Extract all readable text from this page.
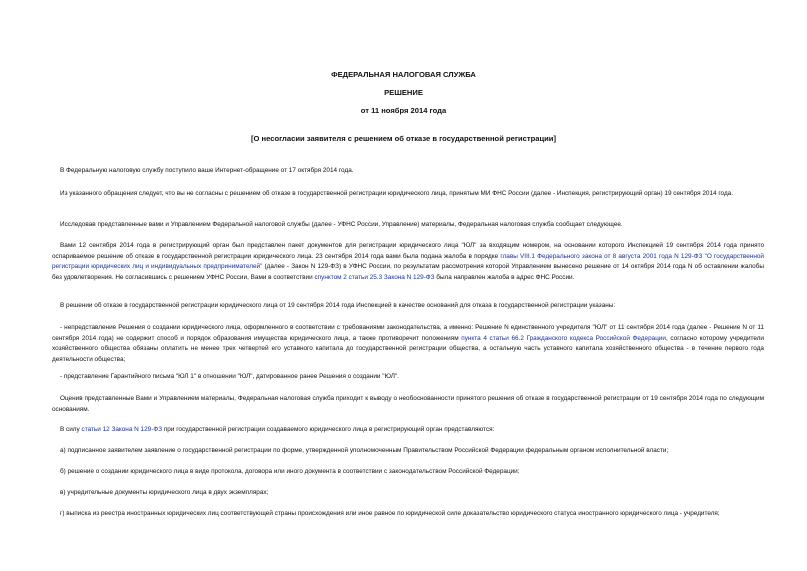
ФЕДЕРАЛЬНАЯ НАЛОГОВАЯ СЛУЖБА
РЕШЕНИЕ
от 11 ноября 2014 года
[О несогласии заявителя с решением об отказе в государственной регистрации]
В Федеральную налоговую службу поступило ваше Интернет-обращение от 17 октября 2014 года.
Из указанного обращения следует, что вы не согласны с решением об отказе в государственной регистрации юридического лица, принятым МИ ФНС России (далее - Инспекция, регистрирующий орган) 19 сентября 2014 года.
Исследовав представленные вами и Управлением Федеральной налоговой службы (далее - УФНС России, Управление) материалы, Федеральная налоговая служба сообщает следующее.
Вами 12 сентября 2014 года в регистрирующий орган был представлен пакет документов для регистрации юридического лица "ЮЛ" за входящим номером, на основании которого Инспекцией 19 сентября 2014 года принято оспариваемое решение об отказе в государственной регистрации юридического лица. 23 сентября 2014 года вами была подана жалоба в порядке главы VIII.1 Федерального закона от 8 августа 2001 года N 129-ФЗ "О государственной регистрации юридических лиц и индивидуальных предпринимателей" (далее - Закон N 129-ФЗ) в УФНС России, по результатам рассмотрения которой Управлением вынесено решение от 14 октября 2014 года N об оставлении жалобы без удовлетворения. Не согласившись с решением УФНС России, Вами в соответствии спунктом 2 статьи 25.3 Закона N 129-ФЗ была направлен жалоба в адрес ФНС России.
В решении об отказе в государственной регистрации юридического лица от 19 сентября 2014 года Инспекцией в качестве оснований для отказа в государственной регистрации указаны:
- непредставление Решения о создании юридического лица, оформленного в соответствии с требованиями законодательства, а именно: Решение N единственного учредителя "ЮЛ" от 11 сентября 2014 года (далее - Решение N от 11 сентября 2014 года) не содержит способ и порядок образования имущества юридического лица, а также противоречит положениям пункта 4 статьи 66.2 Гражданского кодекса Российской Федерации, согласно которому учредители хозяйственного общества обязаны оплатить не менее трех четвертей его уставного капитала до государственной регистрации общества, а остальную часть уставного капитала хозяйственного общества - в течение первого года деятельности общества;
- представление Гарантийного письма "ЮЛ 1" в отношении "ЮЛ", датированное ранее Решения о создании "ЮЛ".
Оценив представленные Вами и Управлением материалы, Федеральная налоговая служба приходит к выводу о необоснованности принятого решения об отказе в государственной регистрации от 19 сентября 2014 года по следующим основаниям.
В силу статьи 12 Закона N 129-ФЗ при государственной регистрации создаваемого юридического лица в регистрирующий орган представляются:
а) подписанное заявителем заявление о государственной регистрации по форме, утвержденной уполномоченным Правительством Российской Федерации федеральным органом исполнительной власти;
б) решение о создании юридического лица в виде протокола, договора или иного документа в соответствии с законодательством Российской Федерации;
в) учредительные документы юридического лица в двух экземплярах;
г) выписка из реестра иностранных юридических лиц соответствующей страны происхождения или иное равное по юридической силе доказательство юридического статуса иностранного юридического лица - учредителя;
